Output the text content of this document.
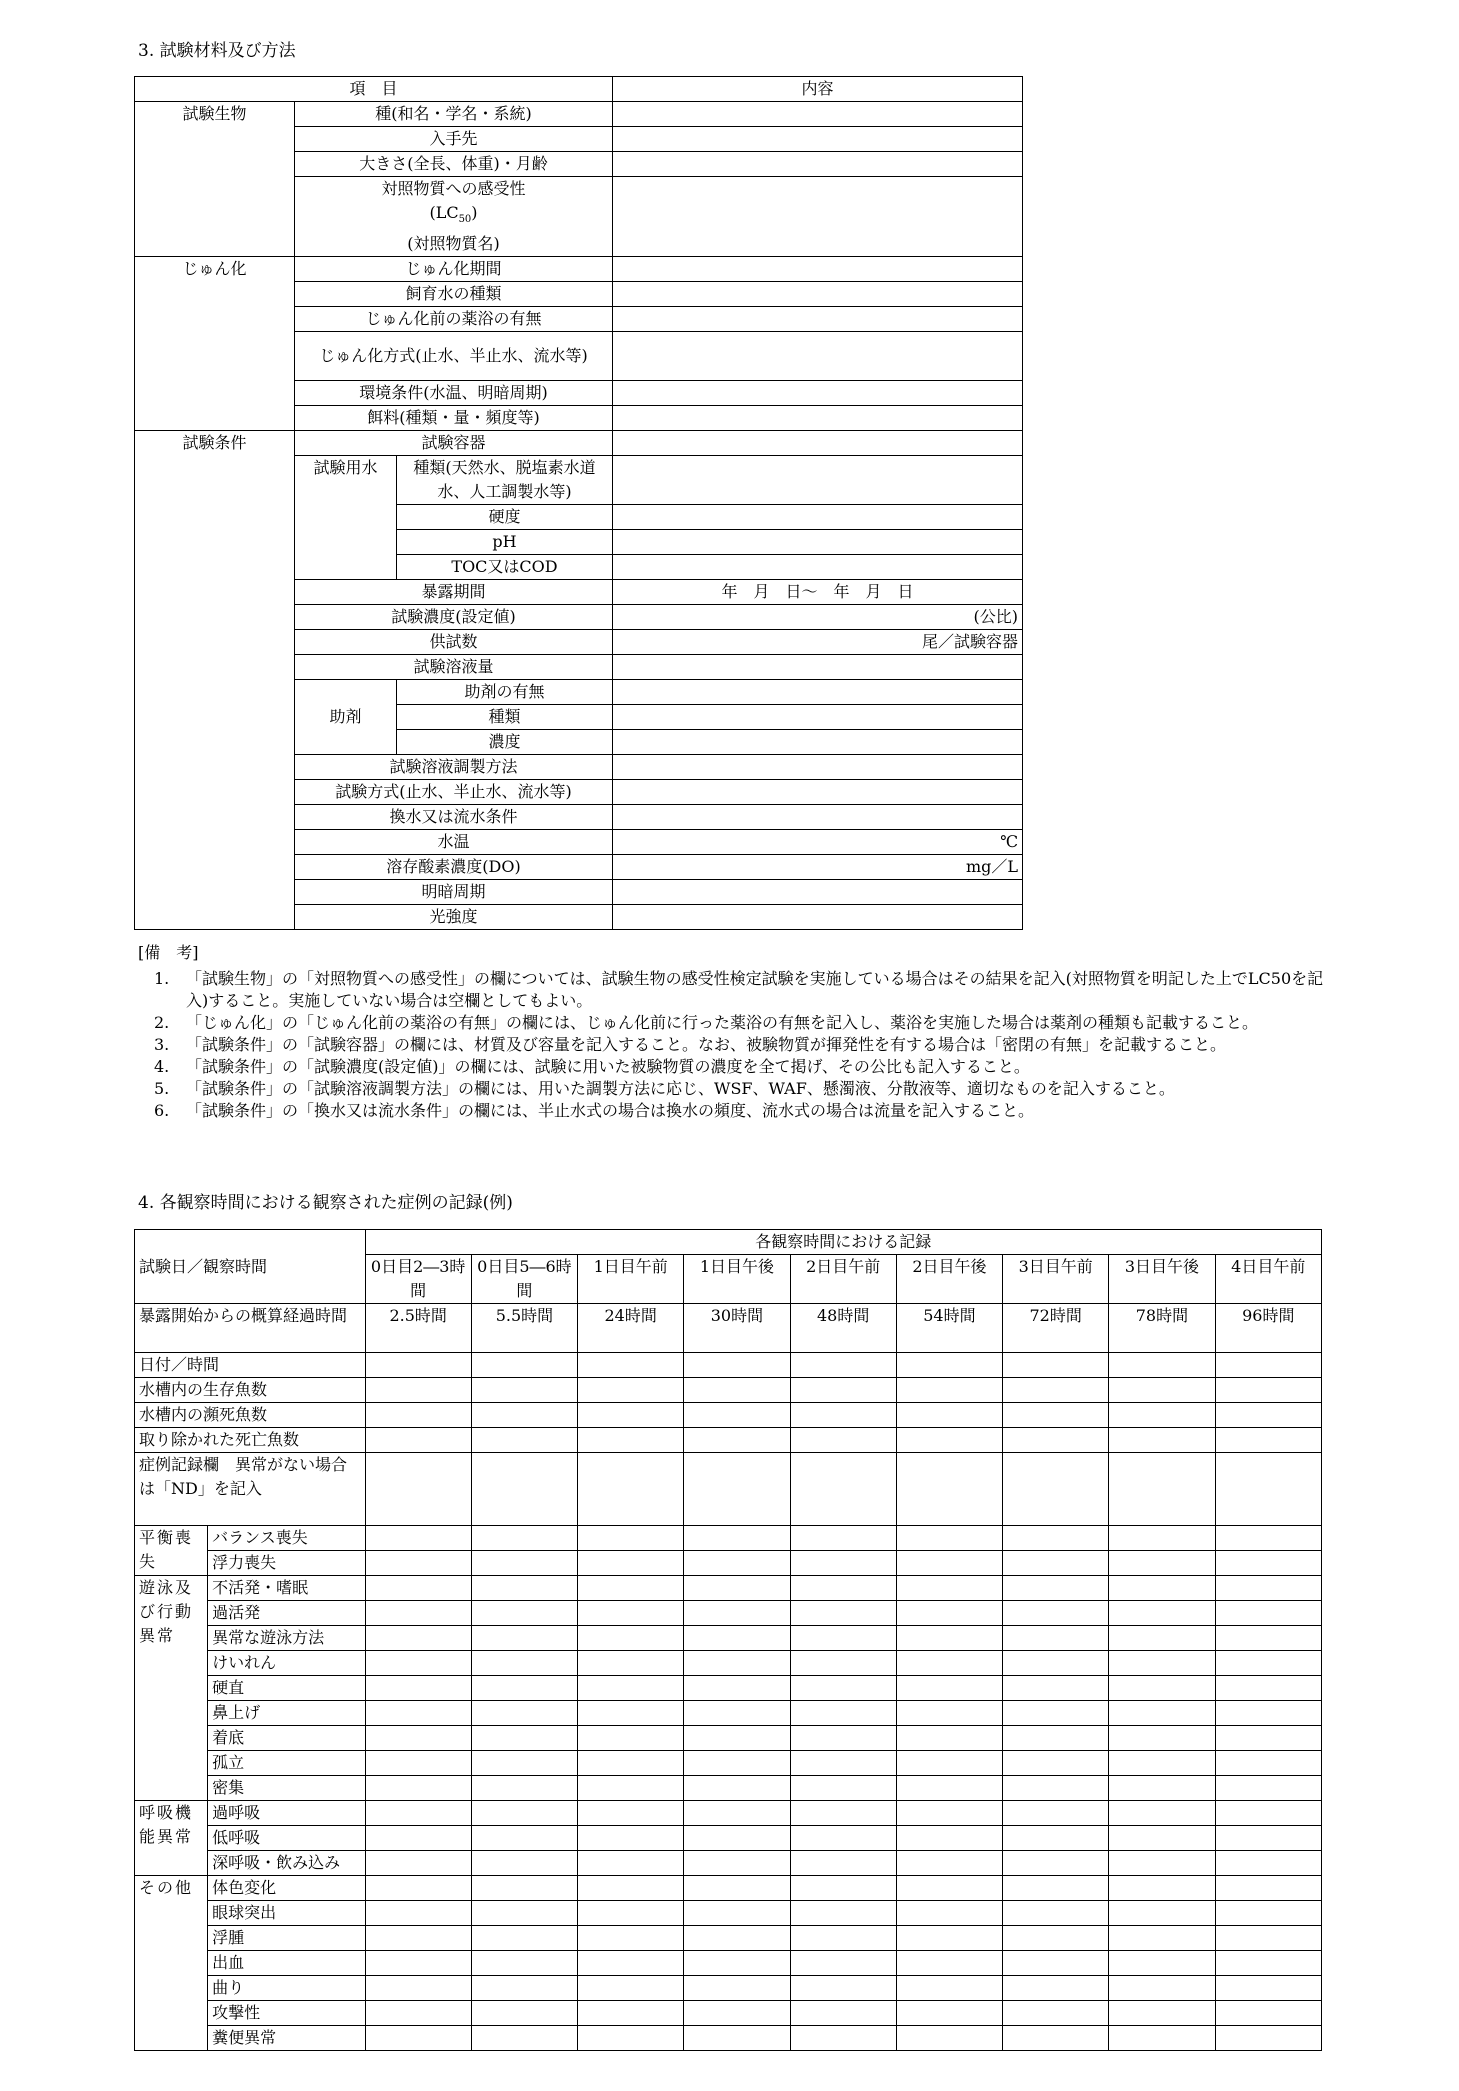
3. 試験材料及び方法
項　目			内容
試験生物	種(和名・学名・系統)		
	入手先		
	大きさ(全長、体重)・月齢		

	対照物質への感受性
$(LC_{50})$
(対照物質名)		

じゅん化	じゅん化期間		
	飼育水の種類		
	じゅん化前の薬浴の有無		
	じゅん化方式(止水、半止水、流水等)		
	環境条件(水温、明暗周期)		
	餌料(種類・量・頻度等)		
試験条件	試験容器		
	試験用水	種類(天然水、脱塩素水道水、人工調製水等)	
		硬度	
		pH	
		TOC又はCOD	
	暴露期間		年　月　日～　年　月　日
	試験濃度(設定値)		(公比)
	供試数		尾／試験容器
	試験溶液量		
	助剤	助剤の有無	
		種類	
		濃度	
	試験溶液調製方法		
	試験方式(止水、半止水、流水等)		
	換水又は流水条件		
	水温		℃
	溶存酸素濃度(DO)		mg／L
	明暗周期		
	光強度		
[備　考]
1. 「試験生物」の「対照物質への感受性」の欄については、試験生物の感受性検定試験を実施している場合はその結果を記入(対照物質を明記した上でLC50を記入)すること。実施していない場合は空欄としてもよい。
2. 「じゅん化」の「じゅん化前の薬浴の有無」の欄には、じゅん化前に行った薬浴の有無を記入し、薬浴を実施した場合は薬剤の種類も記載すること。
3. 「試験条件」の「試験容器」の欄には、材質及び容量を記入すること。なお、被験物質が揮発性を有する場合は「密閉の有無」を記載すること。
4. 「試験条件」の「試験濃度(設定値)」の欄には、試験に用いた被験物質の濃度を全て掲げ、その公比も記入すること。
5. 「試験条件」の「試験溶液調製方法」の欄には、用いた調製方法に応じ、WSF、WAF、懸濁液、分散液等、適切なものを記入すること。
6. 「試験条件」の「換水又は流水条件」の欄には、半止水式の場合は換水の頻度、流水式の場合は流量を記入すること。
4. 各観察時間における観察された症例の記録(例)
		各観察時間における記録								
試験日／観察時間		0日目2―3時間	0日目5―6時間	1日目午前	1日目午後	2日目午前	2日目午後	3日目午前	3日目午後	4日目午前
暴露開始からの概算経過時間		2.5時間	5.5時間	24時間	30時間	48時間	54時間	72時間	78時間	96時間
日付／時間										
水槽内の生存魚数										
水槽内の瀕死魚数										
取り除かれた死亡魚数										
症例記録欄　異常がない場合は「ND」を記入										
平衡喪失	バランス喪失									
	浮力喪失									
遊泳及び行動異常	不活発・嗜眠									
	過活発									
	異常な遊泳方法									
	けいれん									
	硬直									
	鼻上げ									
	着底									
	孤立									
	密集									
呼吸機能異常	過呼吸									
	低呼吸									
	深呼吸・飲み込み									
その他	体色変化									
	眼球突出									
	浮腫									
	出血									
	曲り									
	攻撃性									
	糞便異常									
